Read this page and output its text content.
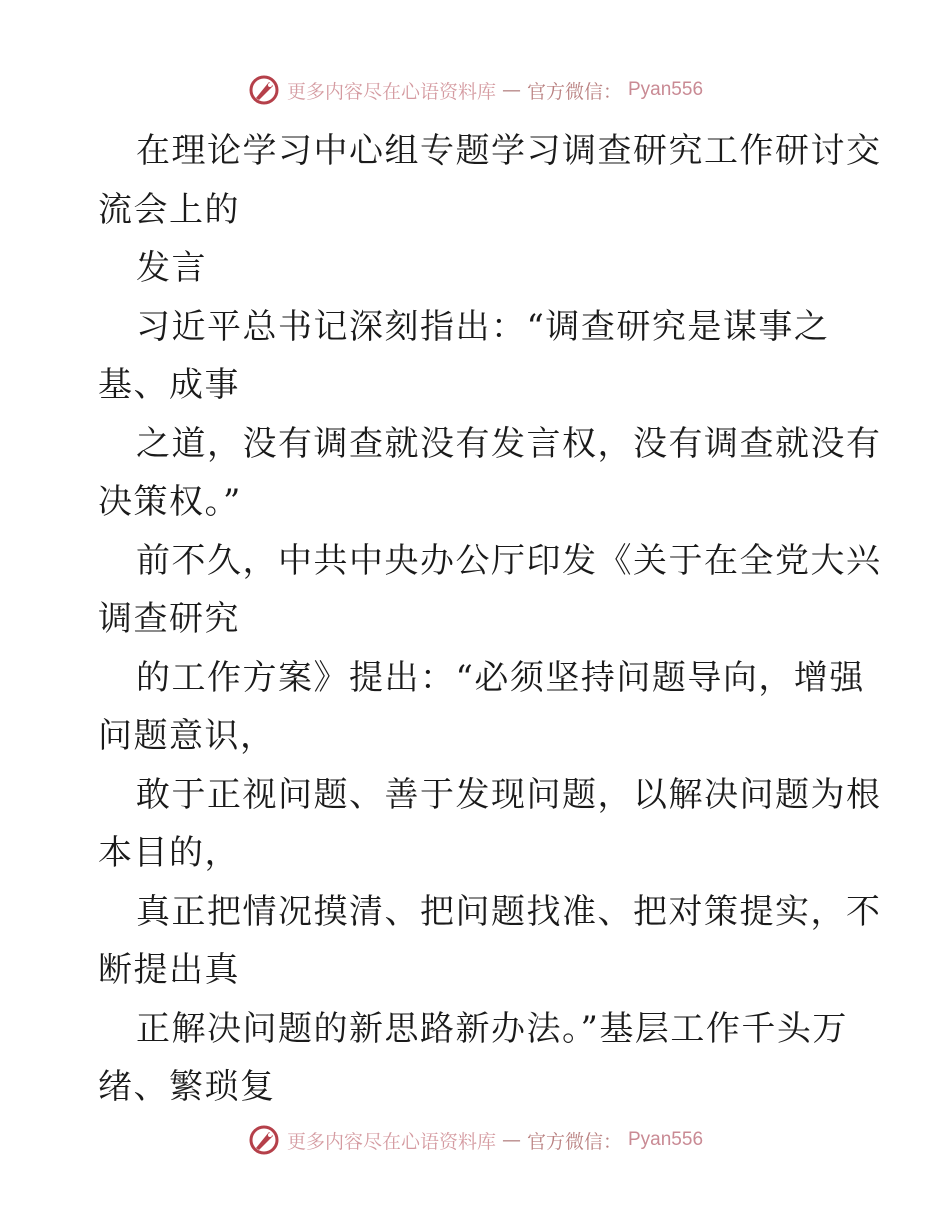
更多内容尽在心语资料库 — 官方微信： Pyan556
在理论学习中心组专题学习调查研究工作研讨交
流会上的
发言
习近平总书记深刻指出：“调查研究是谋事之
基、成事
之道，没有调查就没有发言权，没有调查就没有
决策权。”
前不久，中共中央办公厅印发《关于在全党大兴
调查研究
的工作方案》提出：“必须坚持问题导向，增强
问题意识，
敢于正视问题、善于发现问题，以解决问题为根
本目的，
真正把情况摸清、把问题找准、把对策提实，不
断提出真
正解决问题的新思路新办法。”基层工作千头万
绪、繁琐复
更多内容尽在心语资料库 — 官方微信： Pyan556
